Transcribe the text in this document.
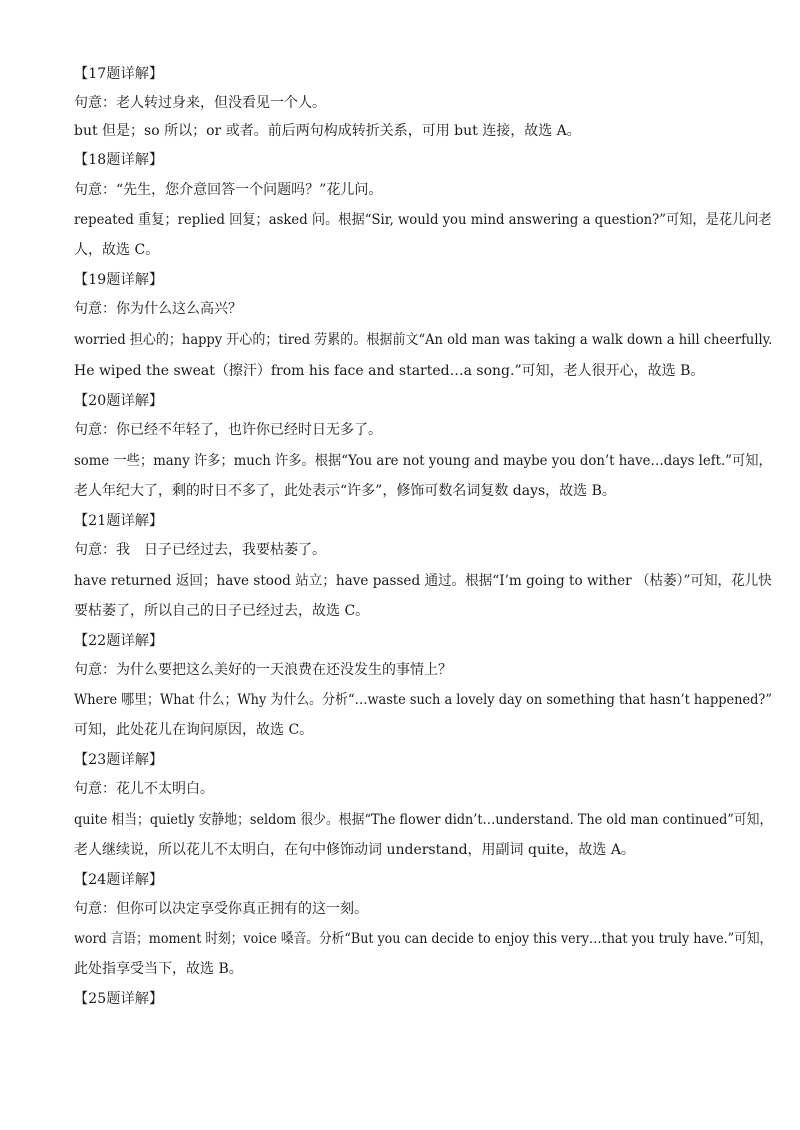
【17题详解】
句意：老人转过身来，但没看见一个人。
but 但是；so 所以；or 或者。前后两句构成转折关系，可用 but 连接，故选 A。
【18题详解】
句意：“先生，您介意回答一个问题吗？”花儿问。
repeated 重复；replied 回复；asked 问。根据“Sir, would you mind answering a question?”可知，是花儿问老
人，故选 C。
【19题详解】
句意：你为什么这么高兴？
worried 担心的；happy 开心的；tired 劳累的。根据前文“An old man was taking a walk down a hill cheerfully.
He wiped the sweat（擦汗）from his face and started…a song.”可知，老人很开心，故选 B。
【20题详解】
句意：你已经不年轻了，也许你已经时日无多了。
some 一些；many 许多；much 许多。根据“You are not young and maybe you don’t have…days left.”可知，
老人年纪大了，剩的时日不多了，此处表示“许多”，修饰可数名词复数 days，故选 B。
【21题详解】
句意：我　日子已经过去，我要枯萎了。
have returned 返回；have stood 站立；have passed 通过。根据“I’m going to wither （枯萎）”可知，花儿快
要枯萎了，所以自己的日子已经过去，故选 C。
【22题详解】
句意：为什么要把这么美好的一天浪费在还没发生的事情上？
Where 哪里；What 什么；Why 为什么。分析“…waste such a lovely day on something that hasn’t happened?”
可知，此处花儿在询问原因，故选 C。
【23题详解】
句意：花儿不太明白。
quite 相当；quietly 安静地；seldom 很少。根据“The flower didn’t…understand. The old man continued”可知，
老人继续说，所以花儿不太明白，在句中修饰动词 understand，用副词 quite，故选 A。
【24题详解】
句意：但你可以决定享受你真正拥有的这一刻。
word 言语；moment 时刻；voice 嗓音。分析“But you can decide to enjoy this very…that you truly have.”可知，
此处指享受当下，故选 B。
【25题详解】
